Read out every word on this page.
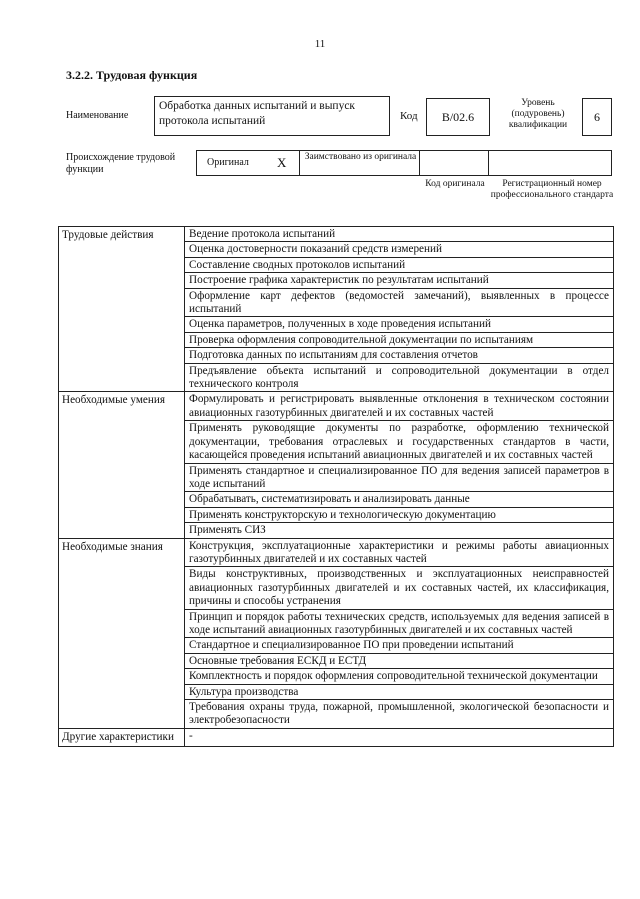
11
3.2.2. Трудовая функция
Наименование
Обработка данных испытаний и выпуск протокола испытаний	Код	В/02.6
Уровень (подуровень) квалификации
6
Происхождение трудовой функции
Оригинал X Заимствовано из оригинала
Код оригинала	Регистрационный номер профессионального стандарта
Трудовые действия	Ведение протокола испытаний
	Оценка достоверности показаний средств измерений
	Составление сводных протоколов испытаний
	Построение графика характеристик по результатам испытаний
	Оформление карт дефектов (ведомостей замечаний), выявленных в процессе испытаний
	Оценка параметров, полученных в ходе проведения испытаний
	Проверка оформления сопроводительной документации по испытаниям
	Подготовка данных по испытаниям для составления отчетов
	Предъявление объекта испытаний и сопроводительной документации в отдел технического контроля
Необходимые умения	Формулировать и регистрировать выявленные отклонения в техническом состоянии авиационных газотурбинных двигателей и их составных частей
	Применять руководящие документы по разработке, оформлению технической документации, требования отраслевых и государственных стандартов в части, касающейся проведения испытаний авиационных двигателей и их составных частей
	Применять стандартное и специализированное ПО для ведения записей параметров в ходе испытаний
	Обрабатывать, систематизировать и анализировать данные
	Применять конструкторскую и технологическую документацию
	Применять СИЗ
Необходимые знания	Конструкция, эксплуатационные характеристики и режимы работы авиационных газотурбинных двигателей и их составных частей
	Виды конструктивных, производственных и эксплуатационных неисправностей авиационных газотурбинных двигателей и их составных частей, их классификация, причины и способы устранения
	Принцип и порядок работы технических средств, используемых для ведения записей в ходе испытаний авиационных газотурбинных двигателей и их составных частей
	Стандартное и специализированное ПО при проведении испытаний
	Основные требования ЕСКД и ЕСТД
	Комплектность и порядок оформления сопроводительной технической документации
	Культура производства
	Требования охраны труда, пожарной, промышленной, экологической безопасности и электробезопасности
Другие характеристики	-
